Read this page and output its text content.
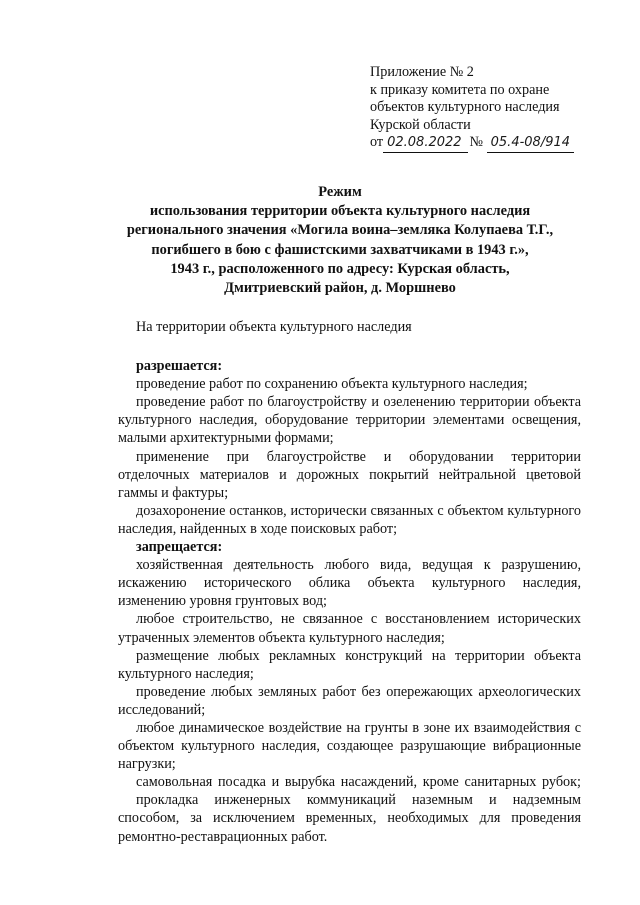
Приложение № 2
к приказу комитета по охране
объектов культурного наследия
Курской области
от 02.08.2022 № 05.4-08/914
Режим
использования территории объекта культурного наследия
регионального значения «Могила воина–земляка Колупаева Т.Г.,
погибшего в бою с фашистскими захватчиками в 1943 г.»,
1943 г., расположенного по адресу: Курская область,
Дмитриевский район, д. Моршнево
На территории объекта культурного наследия
разрешается:
проведение работ по сохранению объекта культурного наследия;
проведение работ по благоустройству и озеленению территории объекта культурного наследия, оборудование территории элементами освещения, малыми архитектурными формами;
применение при благоустройстве и оборудовании территории отделочных материалов и дорожных покрытий нейтральной цветовой гаммы и фактуры;
дозахоронение останков, исторически связанных с объектом культурного наследия, найденных в ходе поисковых работ;
запрещается:
хозяйственная деятельность любого вида, ведущая к разрушению, искажению исторического облика объекта культурного наследия, изменению уровня грунтовых вод;
любое строительство, не связанное с восстановлением исторических утраченных элементов объекта культурного наследия;
размещение любых рекламных конструкций на территории объекта культурного наследия;
проведение любых земляных работ без опережающих археологических исследований;
любое динамическое воздействие на грунты в зоне их взаимодействия с объектом культурного наследия, создающее разрушающие вибрационные нагрузки;
самовольная посадка и вырубка насаждений, кроме санитарных рубок;
прокладка инженерных коммуникаций наземным и надземным способом, за исключением временных, необходимых для проведения ремонтно-реставрационных работ.
